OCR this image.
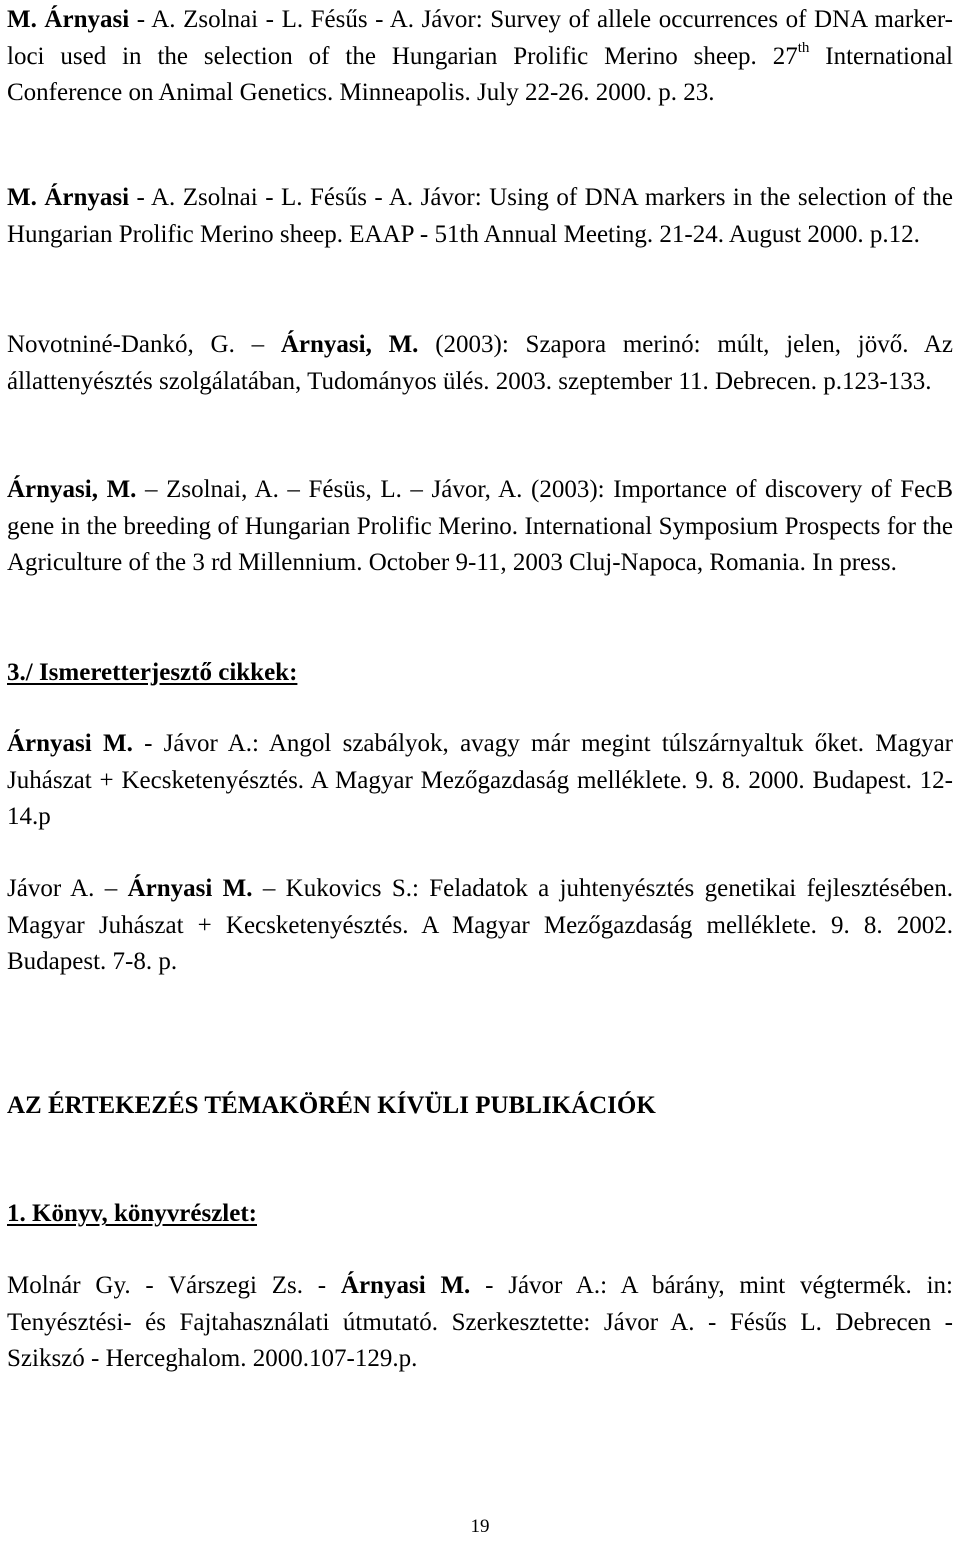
M. Árnyasi - A. Zsolnai - L. Fésűs - A. Jávor: Survey of allele occurrences of DNA marker-loci used in the selection of the Hungarian Prolific Merino sheep. 27th International Conference on Animal Genetics. Minneapolis. July 22-26. 2000. p. 23.

M. Árnyasi - A. Zsolnai - L. Fésűs - A. Jávor: Using of DNA markers in the selection of the Hungarian Prolific Merino sheep. EAAP - 51th Annual Meeting. 21-24. August 2000. p.12.

Novotniné-Dankó, G. – Árnyasi, M. (2003): Szapora merinó: múlt, jelen, jövő. Az állattenyésztés szolgálatában, Tudományos ülés. 2003. szeptember 11. Debrecen. p.123-133.

Árnyasi, M. – Zsolnai, A. – Fésüs, L. – Jávor, A. (2003): Importance of discovery of FecB gene in the breeding of Hungarian Prolific Merino. International Symposium Prospects for the Agriculture of the 3 rd Millennium. October 9-11, 2003 Cluj-Napoca, Romania. In press.

3./ Ismeretterjesztő cikkek:

Árnyasi M. - Jávor A.: Angol szabályok, avagy már megint túlszárnyaltuk őket. Magyar Juhászat + Kecsketenyésztés. A Magyar Mezőgazdaság melléklete. 9. 8. 2000. Budapest. 12-14.p

Jávor A. – Árnyasi M. – Kukovics S.: Feladatok a juhtenyésztés genetikai fejlesztésében. Magyar Juhászat + Kecsketenyésztés. A Magyar Mezőgazdaság melléklete. 9. 8. 2002. Budapest. 7-8. p.

AZ ÉRTEKEZÉS TÉMAKÖRÉN KÍVÜLI PUBLIKÁCIÓK

1. Könyv, könyvrészlet:

Molnár Gy. - Várszegi Zs. - Árnyasi M. - Jávor A.: A bárány, mint végtermék. in: Tenyésztési- és Fajtahasználati útmutató. Szerkesztette: Jávor A. - Fésűs L. Debrecen - Szikszó - Herceghalom. 2000.107-129.p.

19
